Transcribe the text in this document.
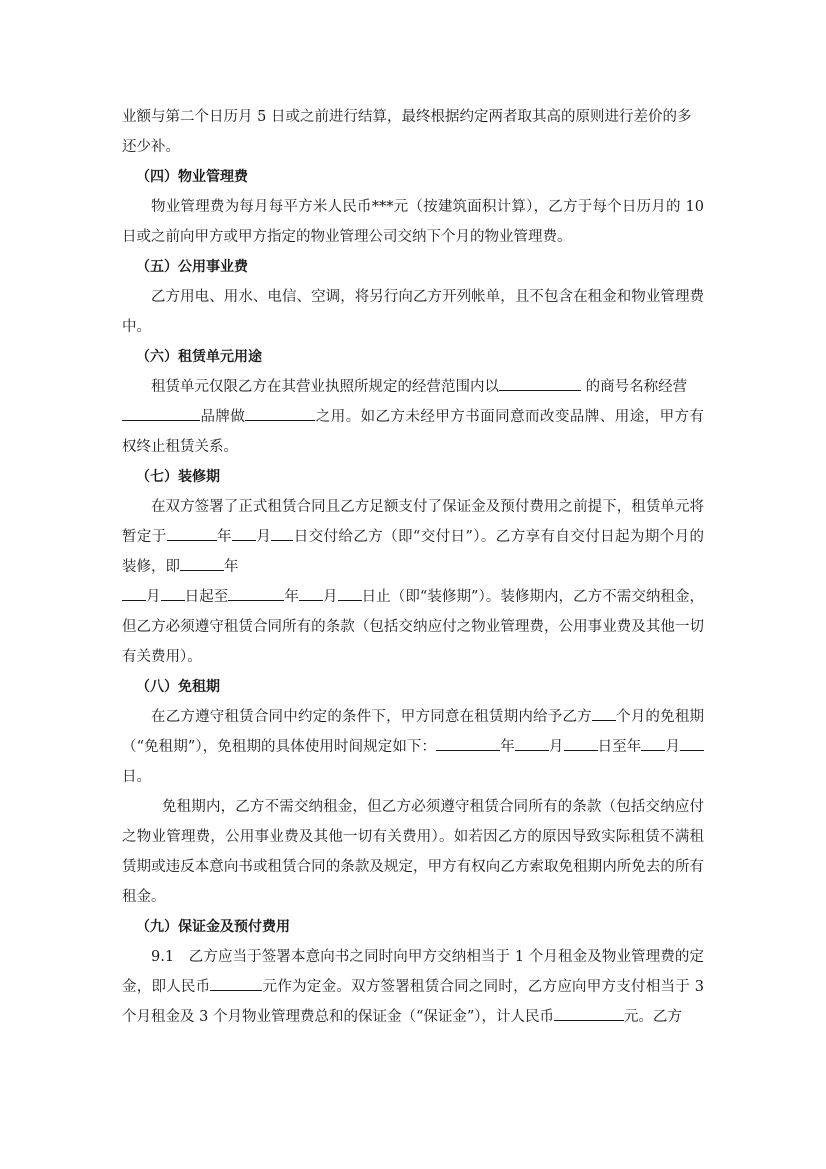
业额与第二个日历月 5 日或之前进行结算，最终根据约定两者取其高的原则进行差价的多
还少补。

（四）物业管理费

物业管理费为每月每平方米人民币***元（按建筑面积计算），乙方于每个日历月的 10 日或之前向甲方或甲方指定的物业管理公司交纳下个月的物业管理费。

（五）公用事业费

乙方用电、用水、电信、空调，将另行向乙方开列帐单，且不包含在租金和物业管理费中。

（六）租赁单元用途

租赁单元仅限乙方在其营业执照所规定的经营范围内以	的商号名称经营
品牌做	之用。如乙方未经甲方书面同意而改变品牌、用途，甲方有权终止租赁关系。

（七）装修期

在双方签署了正式租赁合同且乙方足额支付了保证金及预付费用之前提下，租赁单元将暂定于	年 月 日交付给乙方（即“交付日”）。乙方享有自交付日起为期个月的装修，即	年
月 日起至	年 月 日止（即“装修期”）。装修期内，乙方不需交纳租金，但乙方必须遵守租赁合同所有的条款（包括交纳应付之物业管理费，公用事业费及其他一切有关费用）。

（八）免租期

在乙方遵守租赁合同中约定的条件下，甲方同意在租赁期内给予乙方 个月的免租期（“免租期”），免租期的具体使用时间规定如下：	年 月 日至年 月日。

免租期内，乙方不需交纳租金，但乙方必须遵守租赁合同所有的条款（包括交纳应付之物业管理费，公用事业费及其他一切有关费用）。如若因乙方的原因导致实际租赁不满租赁期或违反本意向书或租赁合同的条款及规定，甲方有权向乙方索取免租期内所免去的所有租金。

（九）保证金及预付费用

9.1　乙方应当于签署本意向书之同时向甲方交纳相当于 1 个月租金及物业管理费的定金，即人民币	元作为定金。双方签署租赁合同之同时，乙方应向甲方支付相当于 3 个月租金及 3 个月物业管理费总和的保证金（“保证金”），计人民币	元。乙方
